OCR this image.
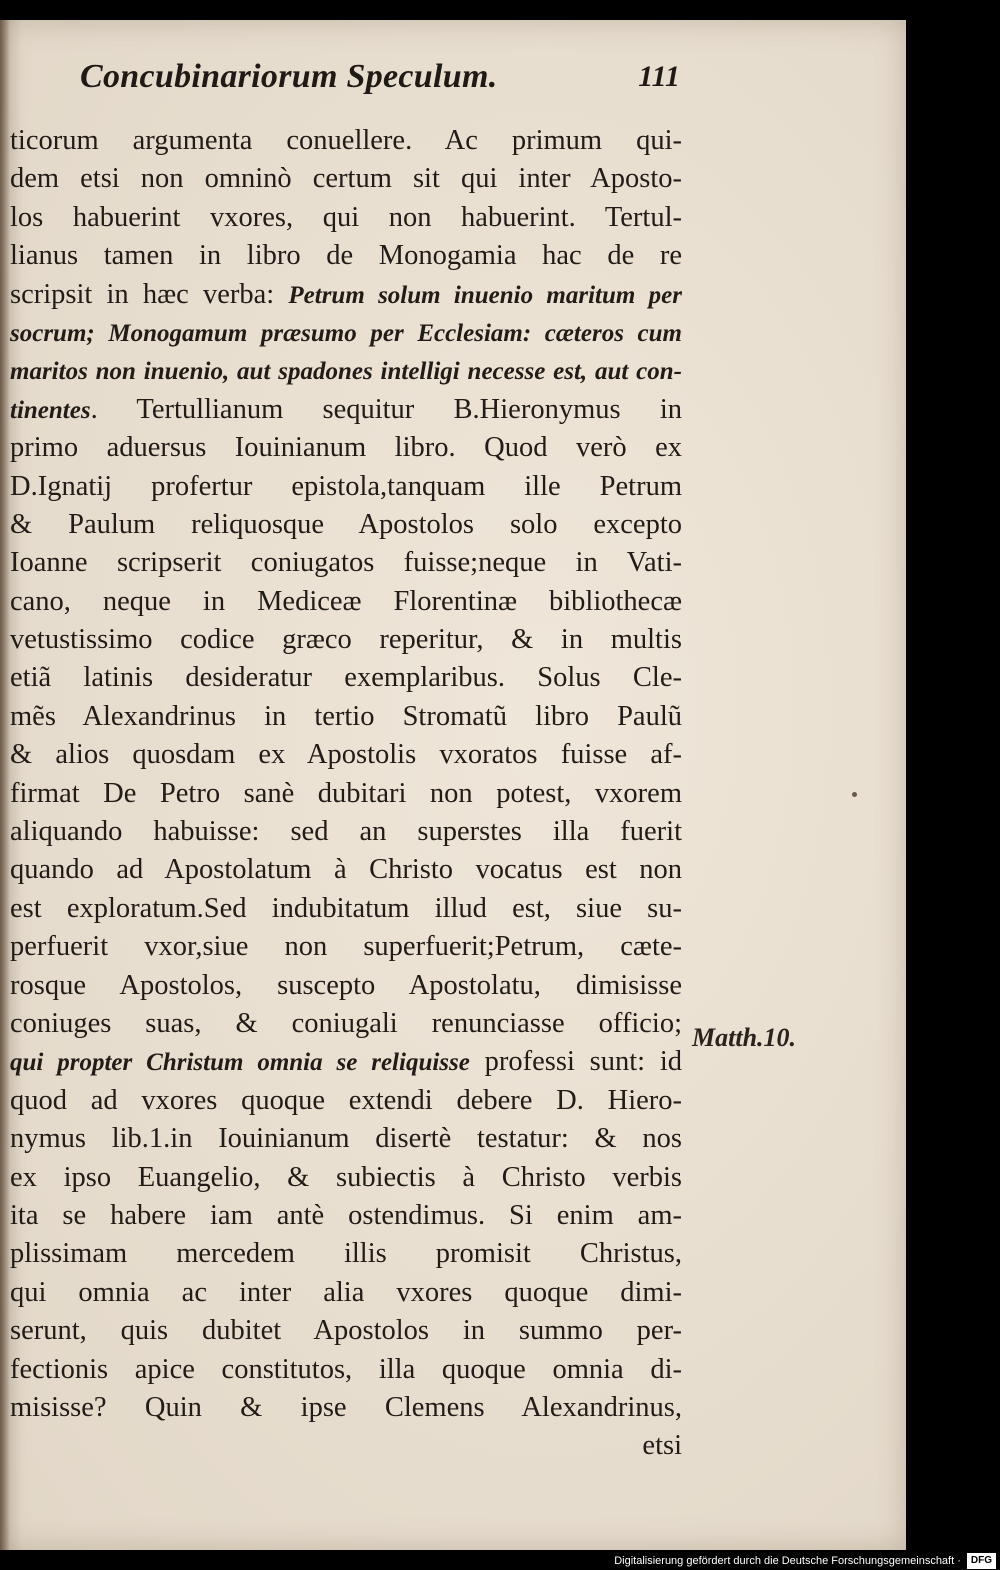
Concubinariorum Speculum.	111
ticorum argumenta conuellere. Ac primum qui-
dem etsi non omninò certum sit qui inter Aposto-
los habuerint vxores, qui non habuerint. Tertul-
lianus tamen in libro de Monogamia hac de re
scripsit in hæc verba: Petrum solum inuenio maritum per
socrum; Monogamum præsumo per Ecclesiam: cæteros cum
maritos non inuenio, aut spadones intelligi necesse est, aut con-
tinentes. Tertullianum sequitur B.Hieronymus in
primo aduersus Iouinianum libro. Quod verò ex
D.Ignatij profertur epistola,tanquam ille Petrum
& Paulum reliquosque Apostolos solo excepto
Ioanne scripserit coniugatos fuisse;neque in Vati-
cano, neque in Mediceæ Florentinæ bibliothecæ
vetustissimo codice græco reperitur, & in multis
etiã latinis desideratur exemplaribus. Solus Cle-
mẽs Alexandrinus in tertio Stromatũ libro Paulũ
& alios quosdam ex Apostolis vxoratos fuisse af-
firmat De Petro sanè dubitari non potest, vxorem
aliquando habuisse: sed an superstes illa fuerit
quando ad Apostolatum à Christo vocatus est non
est exploratum.Sed indubitatum illud est, siue su-
perfuerit vxor,siue non superfuerit;Petrum, cæte-
rosque Apostolos, suscepto Apostolatu, dimisisse
coniuges suas, & coniugali renunciasse officio;
qui propter Christum omnia se reliquisse professi sunt: id
quod ad vxores quoque extendi debere D. Hiero-
nymus lib.1.in Iouinianum disertè testatur: & nos
ex ipso Euangelio, & subiectis à Christo verbis
ita se habere iam antè ostendimus. Si enim am-
plissimam mercedem illis promisit Christus,
qui omnia ac inter alia vxores quoque dimi-
serunt, quis dubitet Apostolos in summo per-
fectionis apice constitutos, illa quoque omnia di-
misisse? Quin & ipse Clemens Alexandrinus,
etsi
Matth.10.
Digitalisierung gefördert durch die Deutsche Forschungsgemeinschaft ·	DFG
